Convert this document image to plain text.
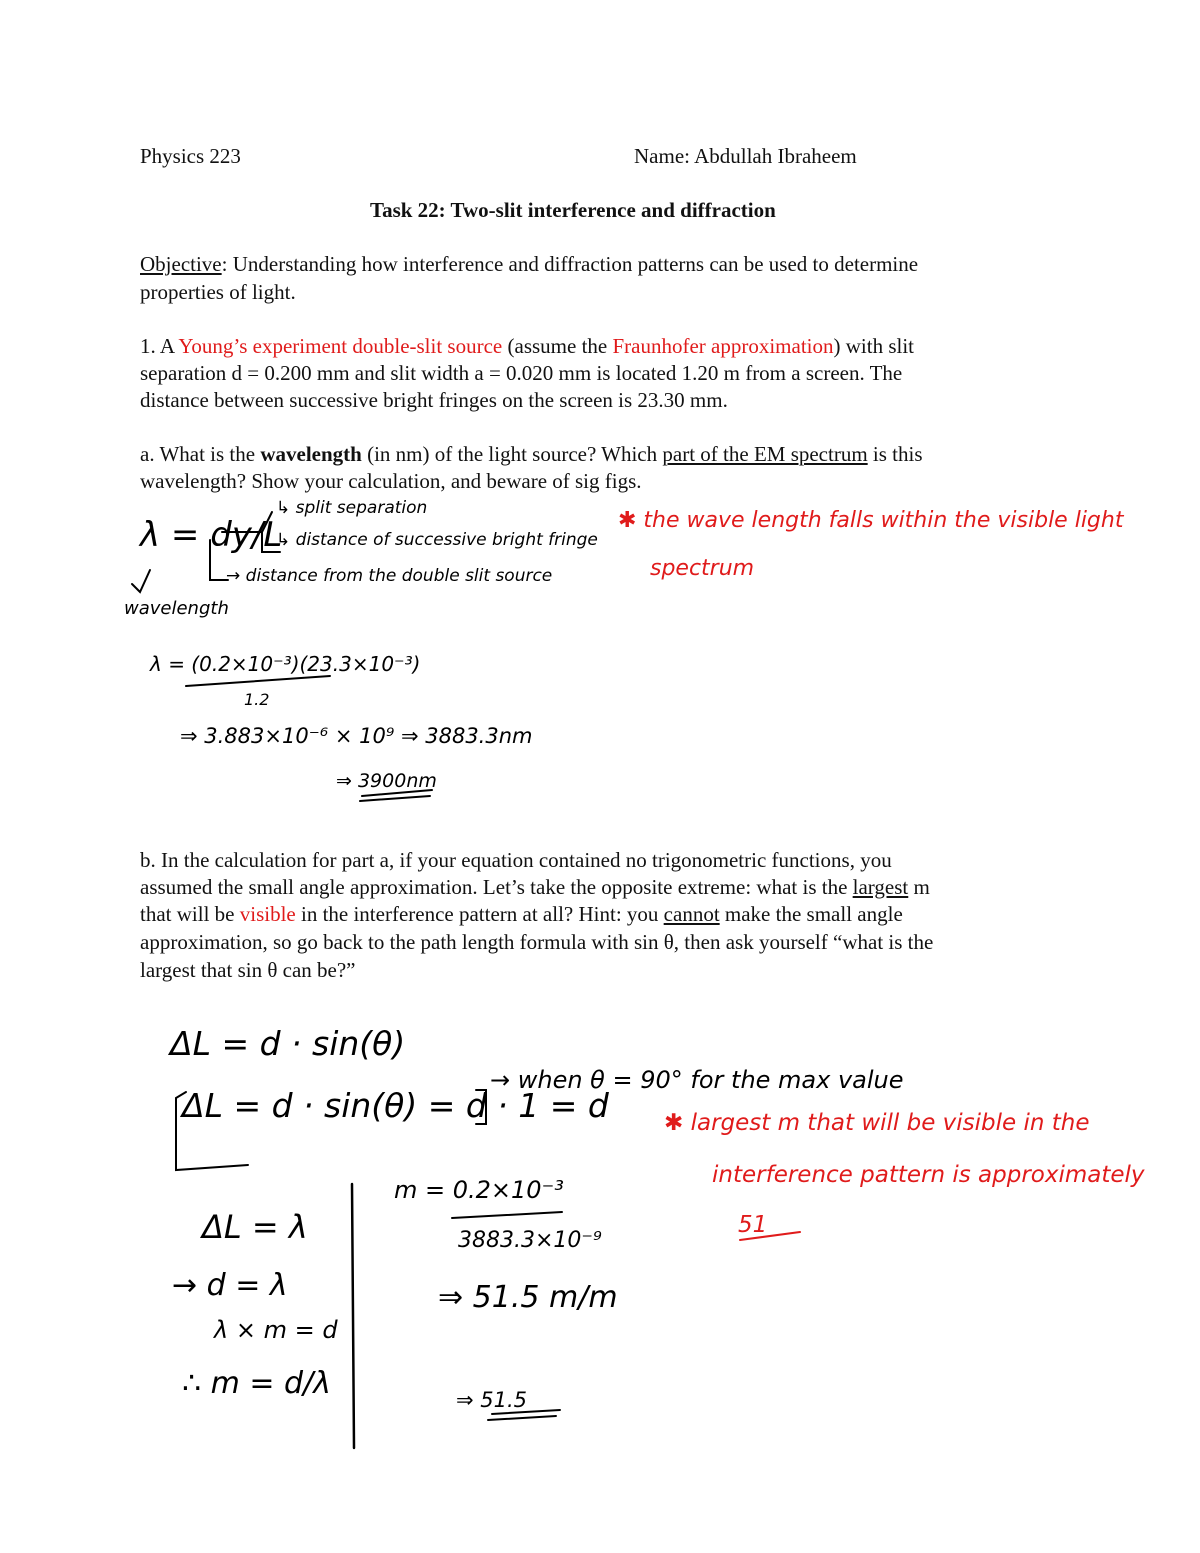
Physics 223	Name: Abdullah Ibraheem
Task 22: Two-slit interference and diffraction
Objective: Understanding how interference and diffraction patterns can be used to determine
properties of light.
1. A Young’s experiment double-slit source (assume the Fraunhofer approximation) with slit
separation d = 0.200 mm and slit width a = 0.020 mm is located 1.20 m from a screen. The
distance between successive bright fringes on the screen is 23.30 mm.
a. What is the wavelength (in nm) of the light source? Which part of the EM spectrum is this
wavelength? Show your calculation, and beware of sig figs.
λ = dy/L
↳ split separation
↳ distance of successive bright fringe
→ distance from the double slit source
wavelength
✱ the wave length falls within the visible light
spectrum
λ = (0.2×10⁻³)(23.3×10⁻³)
1.2
⇒ 3.883×10⁻⁶ × 10⁹ ⇒ 3883.3nm
⇒ 3900nm
b. In the calculation for part a, if your equation contained no trigonometric functions, you
assumed the small angle approximation. Let’s take the opposite extreme: what is the largest m
that will be visible in the interference pattern at all? Hint: you cannot make the small angle
approximation, so go back to the path length formula with sin θ, then ask yourself “what is the
largest that sin θ can be?”
ΔL = d · sin(θ)
ΔL = d · sin(θ) = d · 1 = d
→ when θ = 90° for the max value
✱ largest m that will be visible in the
interference pattern is approximately
51
ΔL = λ
→ d = λ
λ × m = d
∴ m = d/λ
m = 0.2×10⁻³
3883.3×10⁻⁹
⇒ 51.5 m/m
⇒ 51.5
